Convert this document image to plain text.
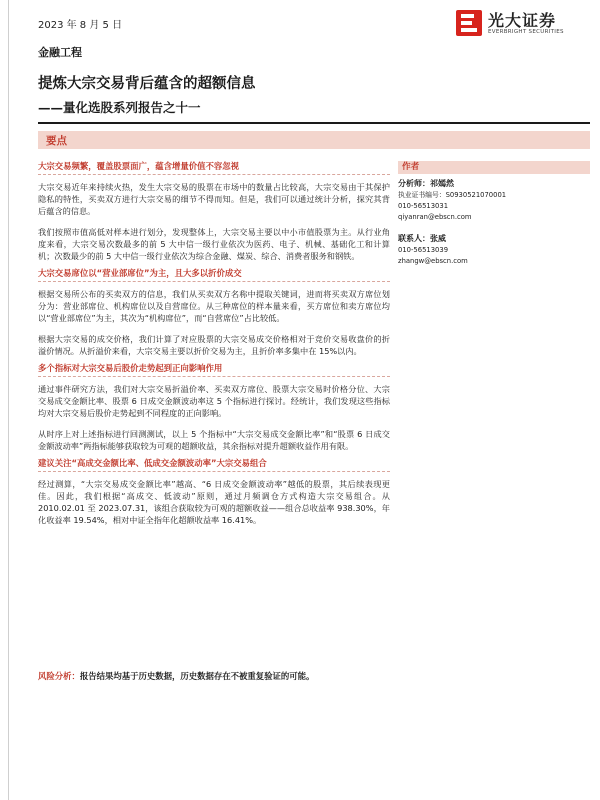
2023 年 8 月 5 日	光大证券
EVERBRIGHT SECURITIES
金融工程
提炼大宗交易背后蕴含的超额信息
——量化选股系列报告之十一
要点
大宗交易频繁，覆盖股票面广，蕴含增量价值不容忽视

大宗交易近年来持续火热，发生大宗交易的股票在市场中的数量占比较高，大宗交易由于其保护隐私的特性，买卖双方进行大宗交易的细节不得而知。但是，我们可以通过统计分析，探究其背后蕴含的信息。

我们按照市值高低对样本进行划分，发现整体上，大宗交易主要以中小市值股票为主。从行业角度来看，大宗交易次数最多的前 5 大中信一级行业依次为医药、电子、机械、基础化工和计算机；次数最少的前 5 大中信一级行业依次为综合金融、煤炭、综合、消费者服务和钢铁。

大宗交易席位以“营业部席位”为主，且大多以折价成交

根据交易所公布的买卖双方的信息，我们从买卖双方名称中提取关键词，进而将买卖双方席位划分为：营业部席位、机构席位以及自营席位。从三种席位的样本量来看，买方席位和卖方席位均以“营业部席位”为主，其次为“机构席位”，而“自营席位”占比较低。

根据大宗交易的成交价格，我们计算了对应股票的大宗交易成交价格相对于竞价交易收盘价的折溢价情况。从折溢价来看，大宗交易主要以折价交易为主，且折价率多集中在 15%以内。

多个指标对大宗交易后股价走势起到正向影响作用

通过事件研究方法，我们对大宗交易折溢价率、买卖双方席位、股票大宗交易时价格分位、大宗交易成交金额比率、股票 6 日成交金额波动率这 5 个指标进行探讨。经统计，我们发现这些指标均对大宗交易后股价走势起到不同程度的正向影响。

从时序上对上述指标进行回测测试，以上 5 个指标中“大宗交易成交金额比率”和“股票 6 日成交金额波动率”两指标能够获取较为可观的超额收益，其余指标对提升超额收益作用有限。

建议关注“高成交金额比率、低成交金额波动率”大宗交易组合

经过测算，“大宗交易成交金额比率”越高、“6 日成交金额波动率”越低的股票，其后续表现更佳。因此，我们根据“高成交、低波动”原则，通过月频调仓方式构造大宗交易组合。从 2010.02.01 至 2023.07.31，该组合获取较为可观的超额收益——组合总收益率 938.30%，年化收益率 19.54%，相对中证全指年化超额收益率 16.41%。

风险分析：报告结果均基于历史数据，历史数据存在不被重复验证的可能。
作者

分析师：祁嫣然

执业证书编号：S0930521070001

010-56513031

qiyanran@ebscn.com

联系人：张威

010-56513039

zhangw@ebscn.com
